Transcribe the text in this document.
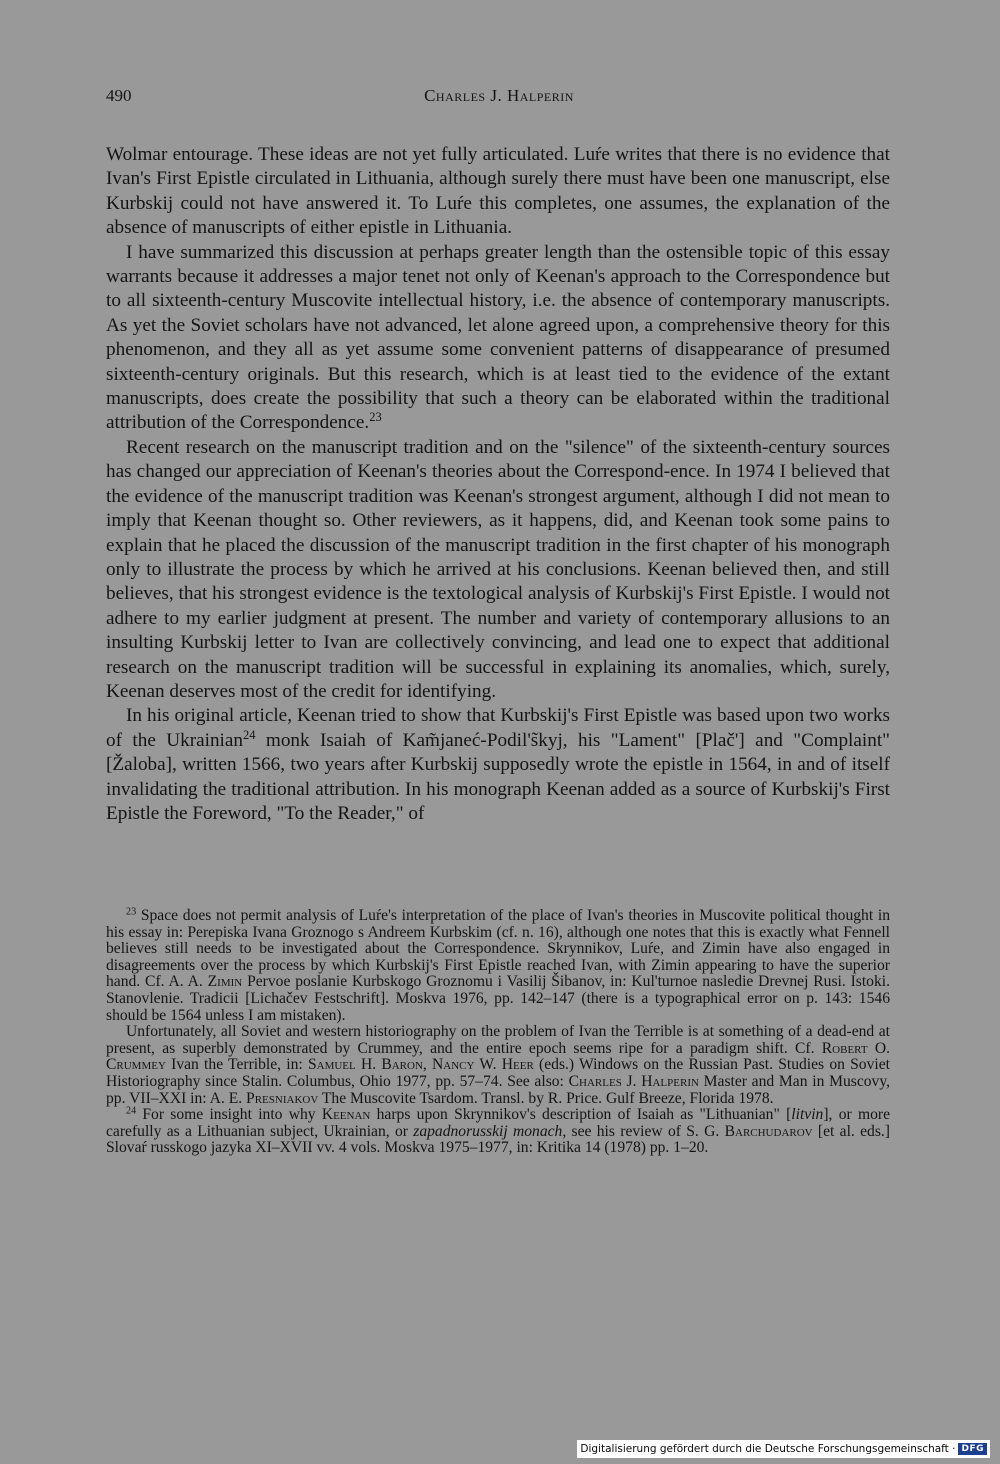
490	Charles J. Halperin

Wolmar entourage. These ideas are not yet fully articulated. Luŕe writes that there is no evidence that Ivan's First Epistle circulated in Lithuania, although surely there must have been one manuscript, else Kurbskij could not have answered it. To Luŕe this completes, one assumes, the explanation of the absence of manuscripts of either epistle in Lithuania.

I have summarized this discussion at perhaps greater length than the ostensible topic of this essay warrants because it addresses a major tenet not only of Keenan's approach to the Correspondence but to all sixteenth-century Muscovite intellectual history, i.e. the absence of contemporary manuscripts. As yet the Soviet scholars have not advanced, let alone agreed upon, a comprehensive theory for this phenomenon, and they all as yet assume some convenient patterns of disappearance of presumed sixteenth-century originals. But this research, which is at least tied to the evidence of the extant manuscripts, does create the possibility that such a theory can be elaborated within the traditional attribution of the Correspondence.$^{23}$

Recent research on the manuscript tradition and on the "silence" of the sixteenth-century sources has changed our appreciation of Keenan's theories about the Correspond-ence. In 1974 I believed that the evidence of the manuscript tradition was Keenan's strongest argument, although I did not mean to imply that Keenan thought so. Other reviewers, as it happens, did, and Keenan took some pains to explain that he placed the discussion of the manuscript tradition in the first chapter of his monograph only to illustrate the process by which he arrived at his conclusions. Keenan believed then, and still believes, that his strongest evidence is the textological analysis of Kurbskij's First Epistle. I would not adhere to my earlier judgment at present. The number and variety of contemporary allusions to an insulting Kurbskij letter to Ivan are collectively convincing, and lead one to expect that additional research on the manuscript tradition will be successful in explaining its anomalies, which, surely, Keenan deserves most of the credit for identifying.

In his original article, Keenan tried to show that Kurbskij's First Epistle was based upon two works of the Ukrainian$^{24}$ monk Isaiah of Kam̃janeć-Podil's̃kyj, his "Lament" [Plač'] and "Complaint" [Žaloba], written 1566, two years after Kurbskij supposedly wrote the epistle in 1564, in and of itself invalidating the traditional attribution. In his monograph Keenan added as a source of Kurbskij's First Epistle the Foreword, "To the Reader," of

$^{23}$ Space does not permit analysis of Luŕe's interpretation of the place of Ivan's theories in Muscovite political thought in his essay in: Perepiska Ivana Groznogo s Andreem Kurbskim (cf. n. 16), although one notes that this is exactly what Fennell believes still needs to be investigated about the Correspondence. Skrynnikov, Luŕe, and Zimin have also engaged in disagreements over the process by which Kurbskij's First Epistle reached Ivan, with Zimin appearing to have the superior hand. Cf. A. A. Zimin Pervoe poslanie Kurbskogo Groznomu i Vasilij Šibanov, in: Kul'turnoe nasledie Drevnej Rusi. Istoki. Stanovlenie. Tradicii [Lichačev Festschrift]. Moskva 1976, pp. 142–147 (there is a typographical error on p. 143: 1546 should be 1564 unless I am mistaken).

Unfortunately, all Soviet and western historiography on the problem of Ivan the Terrible is at something of a dead-end at present, as superbly demonstrated by Crummey, and the entire epoch seems ripe for a paradigm shift. Cf. Robert O. Crummey Ivan the Terrible, in: Samuel H. Baron, Nancy W. Heer (eds.) Windows on the Russian Past. Studies on Soviet Historiography since Stalin. Columbus, Ohio 1977, pp. 57–74. See also: Charles J. Halperin Master and Man in Muscovy, pp. VII–XXI in: A. E. Presniakov The Muscovite Tsardom. Transl. by R. Price. Gulf Breeze, Florida 1978.

$^{24}$ For some insight into why Keenan harps upon Skrynnikov's description of Isaiah as "Lithuanian" [litvin], or more carefully as a Lithuanian subject, Ukrainian, or zapadnorusskij monach, see his review of S. G. Barchudarov [et al. eds.] Slovaŕ russkogo jazyka XI–XVII vv. 4 vols. Moskva 1975–1977, in: Kritika 14 (1978) pp. 1–20.

Digitalisierung gefördert durch die Deutsche Forschungsgemeinschaft · DFG
